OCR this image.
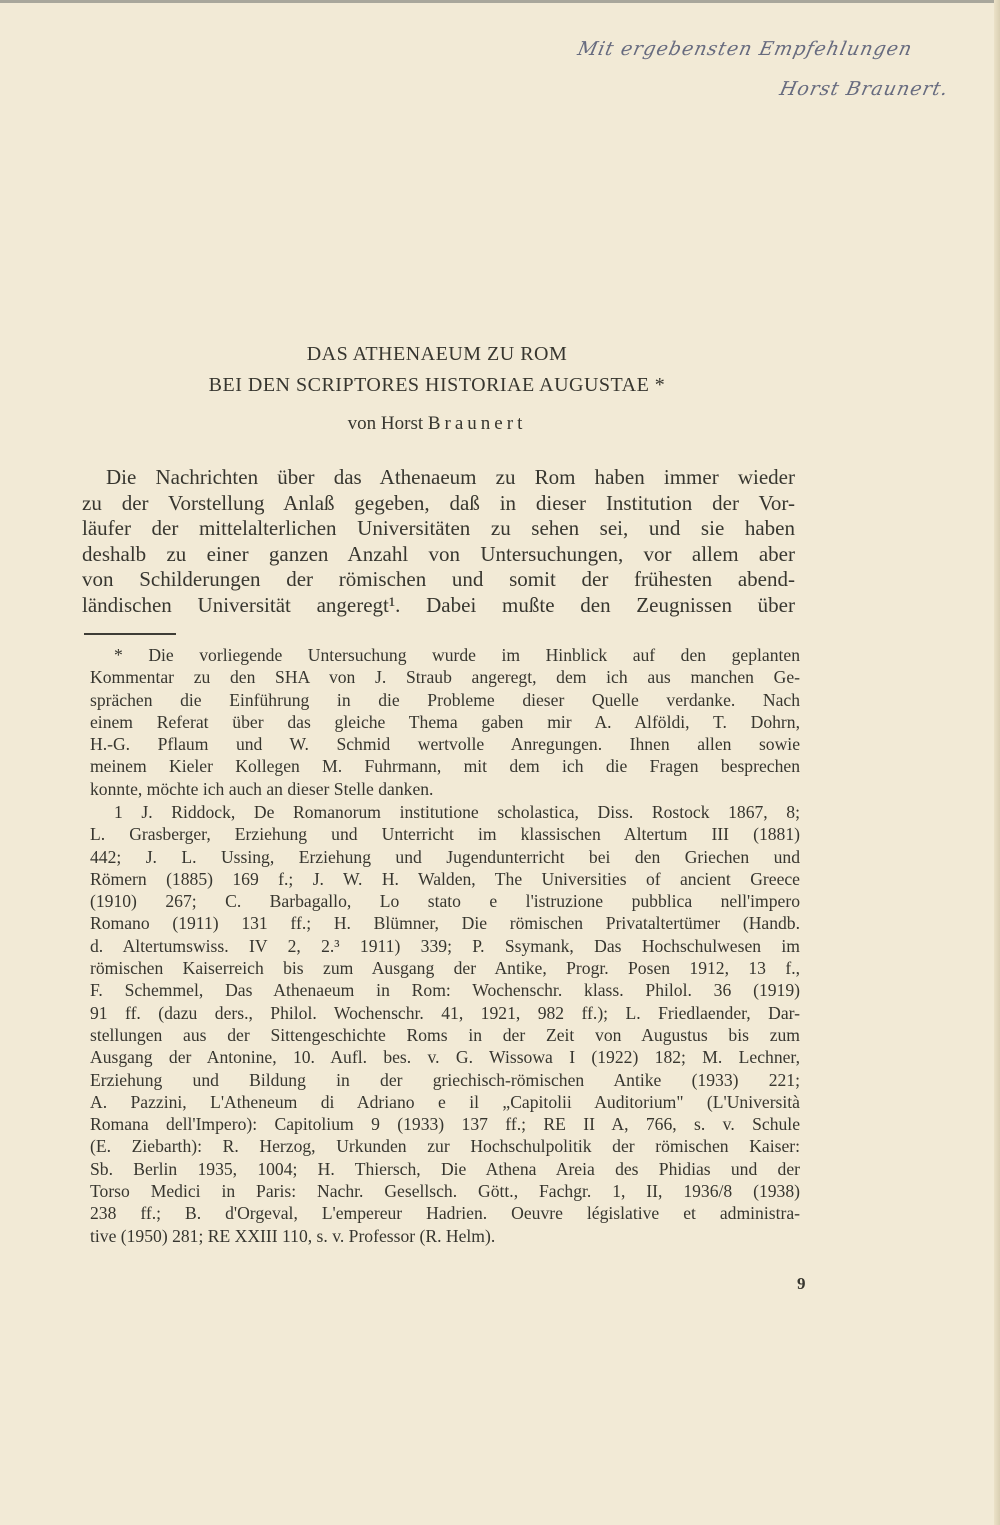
Mit ergebensten Empfehlungen
Horst Braunert.
DAS ATHENAEUM ZU ROM
BEI DEN SCRIPTORES HISTORIAE AUGUSTAE *
von Horst Braunert
Die Nachrichten über das Athenaeum zu Rom haben immer wieder
zu der Vorstellung Anlaß gegeben, daß in dieser Institution der Vor-
läufer der mittelalterlichen Universitäten zu sehen sei, und sie haben
deshalb zu einer ganzen Anzahl von Untersuchungen, vor allem aber
von Schilderungen der römischen und somit der frühesten abend-
ländischen Universität angeregt¹. Dabei mußte den Zeugnissen über
* Die vorliegende Untersuchung wurde im Hinblick auf den geplanten
Kommentar zu den SHA von J. Straub angeregt, dem ich aus manchen Ge-
sprächen die Einführung in die Probleme dieser Quelle verdanke. Nach
einem Referat über das gleiche Thema gaben mir A. Alföldi, T. Dohrn,
H.-G. Pflaum und W. Schmid wertvolle Anregungen. Ihnen allen sowie
meinem Kieler Kollegen M. Fuhrmann, mit dem ich die Fragen besprechen
konnte, möchte ich auch an dieser Stelle danken.
1 J. Riddock, De Romanorum institutione scholastica, Diss. Rostock 1867, 8;
L. Grasberger, Erziehung und Unterricht im klassischen Altertum III (1881)
442; J. L. Ussing, Erziehung und Jugendunterricht bei den Griechen und
Römern (1885) 169 f.; J. W. H. Walden, The Universities of ancient Greece
(1910) 267; C. Barbagallo, Lo stato e l'istruzione pubblica nell'impero
Romano (1911) 131 ff.; H. Blümner, Die römischen Privataltertümer (Handb.
d. Altertumswiss. IV 2, 2.³ 1911) 339; P. Ssymank, Das Hochschulwesen im
römischen Kaiserreich bis zum Ausgang der Antike, Progr. Posen 1912, 13 f.,
F. Schemmel, Das Athenaeum in Rom: Wochenschr. klass. Philol. 36 (1919)
91 ff. (dazu ders., Philol. Wochenschr. 41, 1921, 982 ff.); L. Friedlaender, Dar-
stellungen aus der Sittengeschichte Roms in der Zeit von Augustus bis zum
Ausgang der Antonine, 10. Aufl. bes. v. G. Wissowa I (1922) 182; M. Lechner,
Erziehung und Bildung in der griechisch-römischen Antike (1933) 221;
A. Pazzini, L'Atheneum di Adriano e il „Capitolii Auditorium" (L'Università
Romana dell'Impero): Capitolium 9 (1933) 137 ff.; RE II A, 766, s. v. Schule
(E. Ziebarth): R. Herzog, Urkunden zur Hochschulpolitik der römischen Kaiser:
Sb. Berlin 1935, 1004; H. Thiersch, Die Athena Areia des Phidias und der
Torso Medici in Paris: Nachr. Gesellsch. Gött., Fachgr. 1, II, 1936/8 (1938)
238 ff.; B. d'Orgeval, L'empereur Hadrien. Oeuvre législative et administra-
tive (1950) 281; RE XXIII 110, s. v. Professor (R. Helm).
9
